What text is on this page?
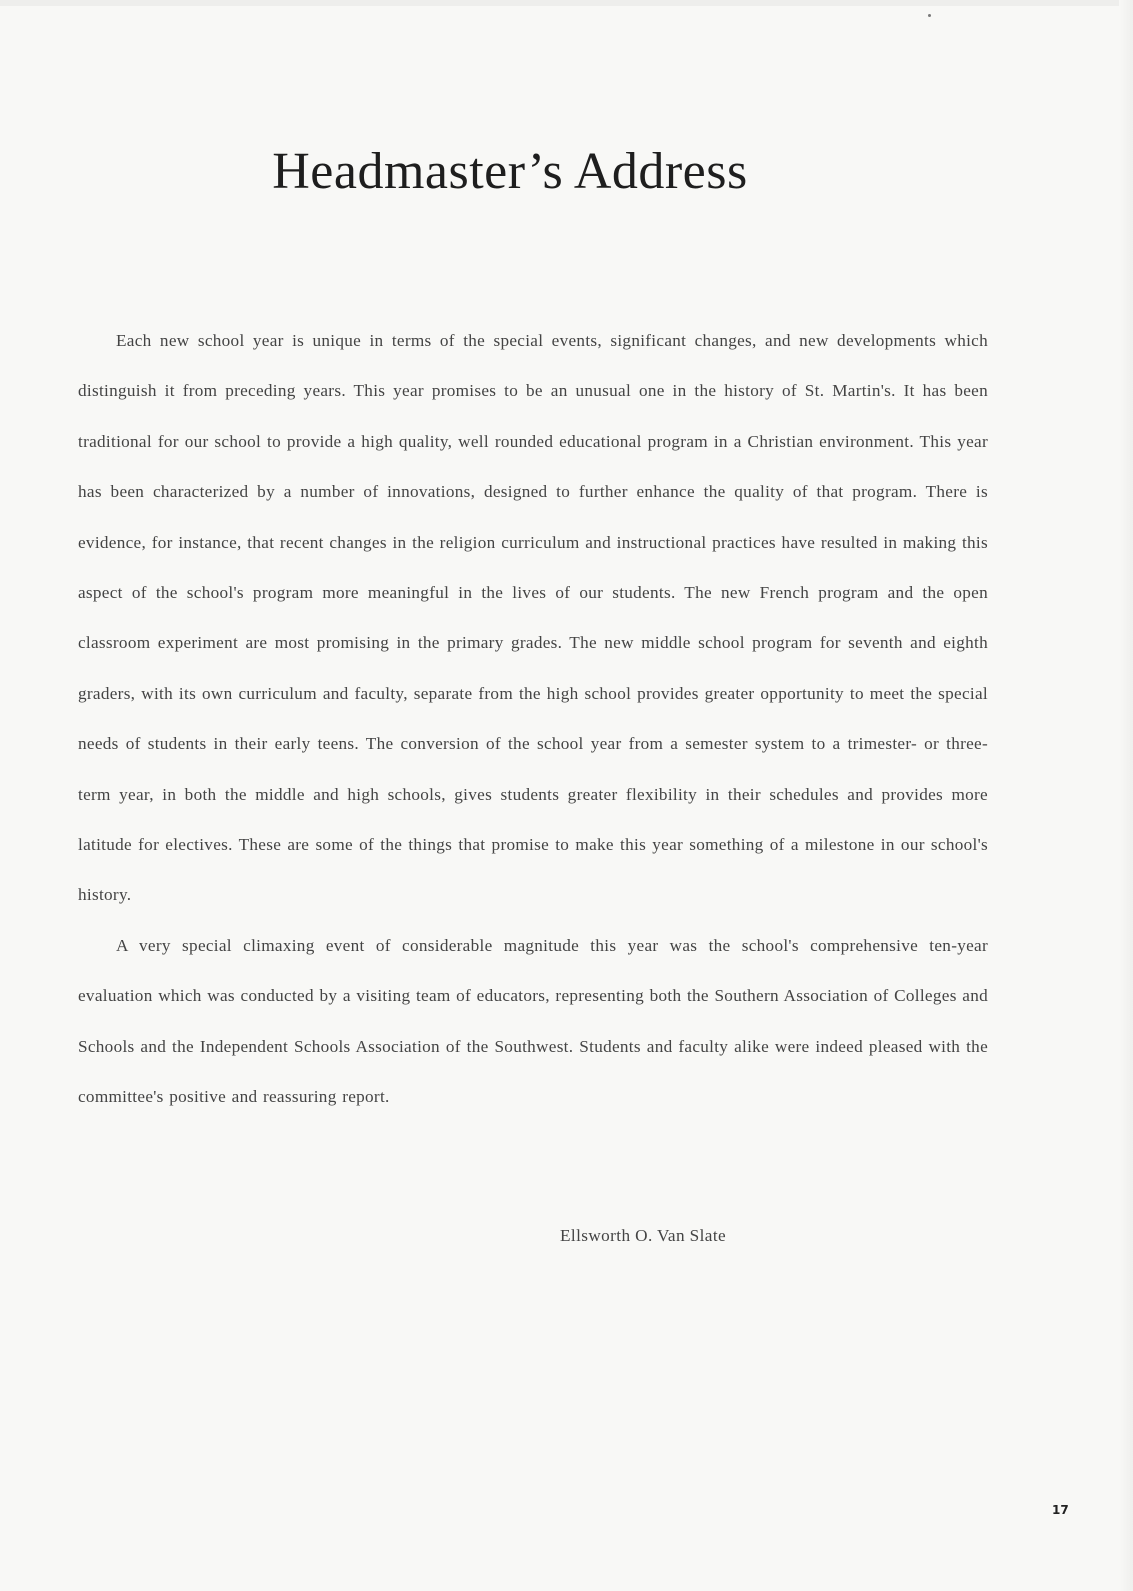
Headmaster’s Address

Each new school year is unique in terms of the special events, significant changes, and new developments which distinguish it from preceding years. This year promises to be an unusual one in the history of St. Martin's. It has been traditional for our school to provide a high quality, well rounded educational program in a Christian environment. This year has been characterized by a number of innovations, designed to further enhance the quality of that program. There is evidence, for instance, that recent changes in the religion curriculum and instructional practices have resulted in making this aspect of the school's program more meaningful in the lives of our students. The new French program and the open classroom experiment are most promising in the primary grades. The new middle school program for seventh and eighth graders, with its own curriculum and faculty, separate from the high school provides greater opportunity to meet the special needs of students in their early teens. The conversion of the school year from a semester system to a trimester- or three-term year, in both the middle and high schools, gives students greater flexibility in their schedules and provides more latitude for electives. These are some of the things that promise to make this year something of a milestone in our school's history.

A very special climaxing event of considerable magnitude this year was the school's comprehensive ten-year evaluation which was conducted by a visiting team of educators, representing both the Southern Association of Colleges and Schools and the Independent Schools Association of the Southwest. Students and faculty alike were indeed pleased with the committee's positive and reassuring report.

Ellsworth O. Van Slate
17
